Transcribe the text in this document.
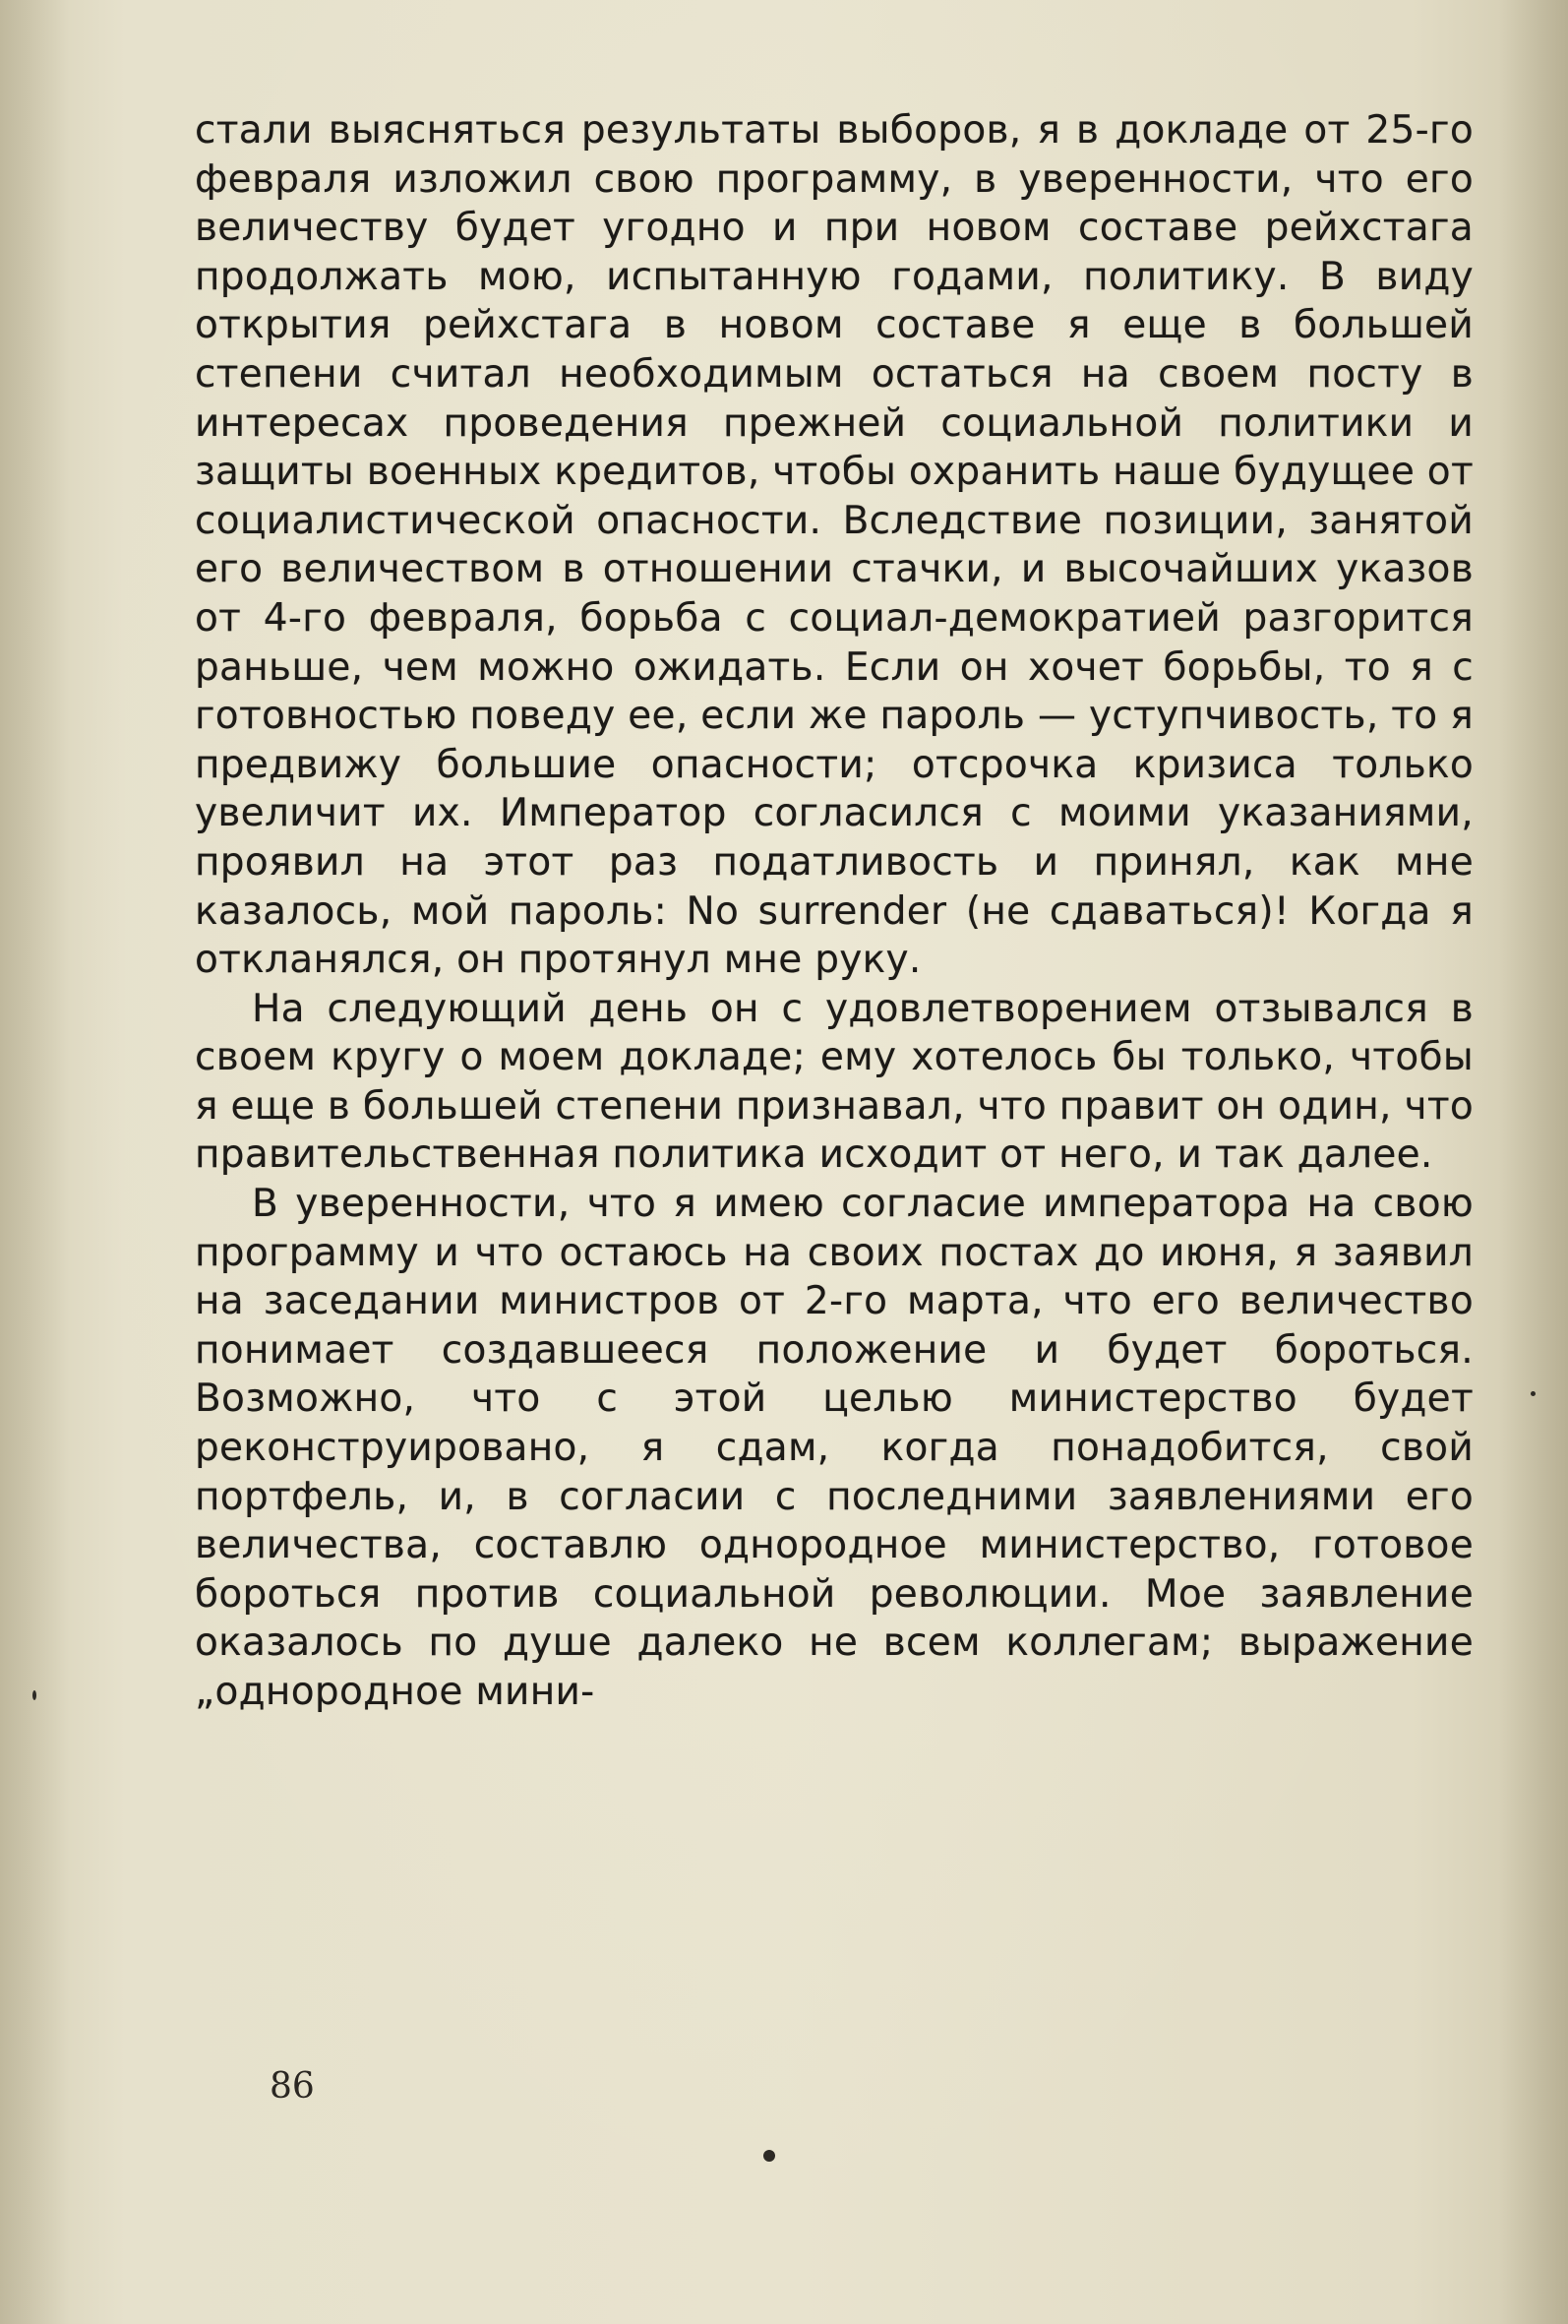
стали выясняться результаты выборов, я в докладе от 25-го февраля изложил свою программу, в уверенности, что его величеству будет угодно и при новом составе рейхстага продолжать мою, испытанную годами, политику. В виду открытия рейхстага в новом составе я еще в большей степени считал необходимым остаться на своем посту в интересах проведения прежней социальной политики и защиты военных кредитов, чтобы охранить наше будущее от социалистической опасности. Вследствие позиции, занятой его величеством в отношении стачки, и высочайших указов от 4-го февраля, борьба с социал-демократией разгорится раньше, чем можно ожидать. Если он хочет борьбы, то я с готовностью поведу ее, если же пароль — уступчивость, то я предвижу большие опасности; отсрочка кризиса только увеличит их. Император согласился с моими указаниями, проявил на этот раз податливость и принял, как мне казалось, мой пароль: No surrender (не сдаваться)! Когда я откланялся, он протянул мне руку.

На следующий день он с удовлетворением отзывался в своем кругу о моем докладе; ему хотелось бы только, чтобы я еще в большей степени признавал, что правит он один, что правительственная политика исходит от него, и так далее.

В уверенности, что я имею согласие императора на свою программу и что остаюсь на своих постах до июня, я заявил на заседании министров от 2-го марта, что его величество понимает создавшееся положение и будет бороться. Возможно, что с этой целью министерство будет реконструировано, я сдам, когда понадобится, свой портфель, и, в согласии с последними заявлениями его величества, составлю однородное министерство, готовое бороться против социальной революции. Мое заявление оказалось по душе далеко не всем коллегам; выражение „однородное мини-

86
